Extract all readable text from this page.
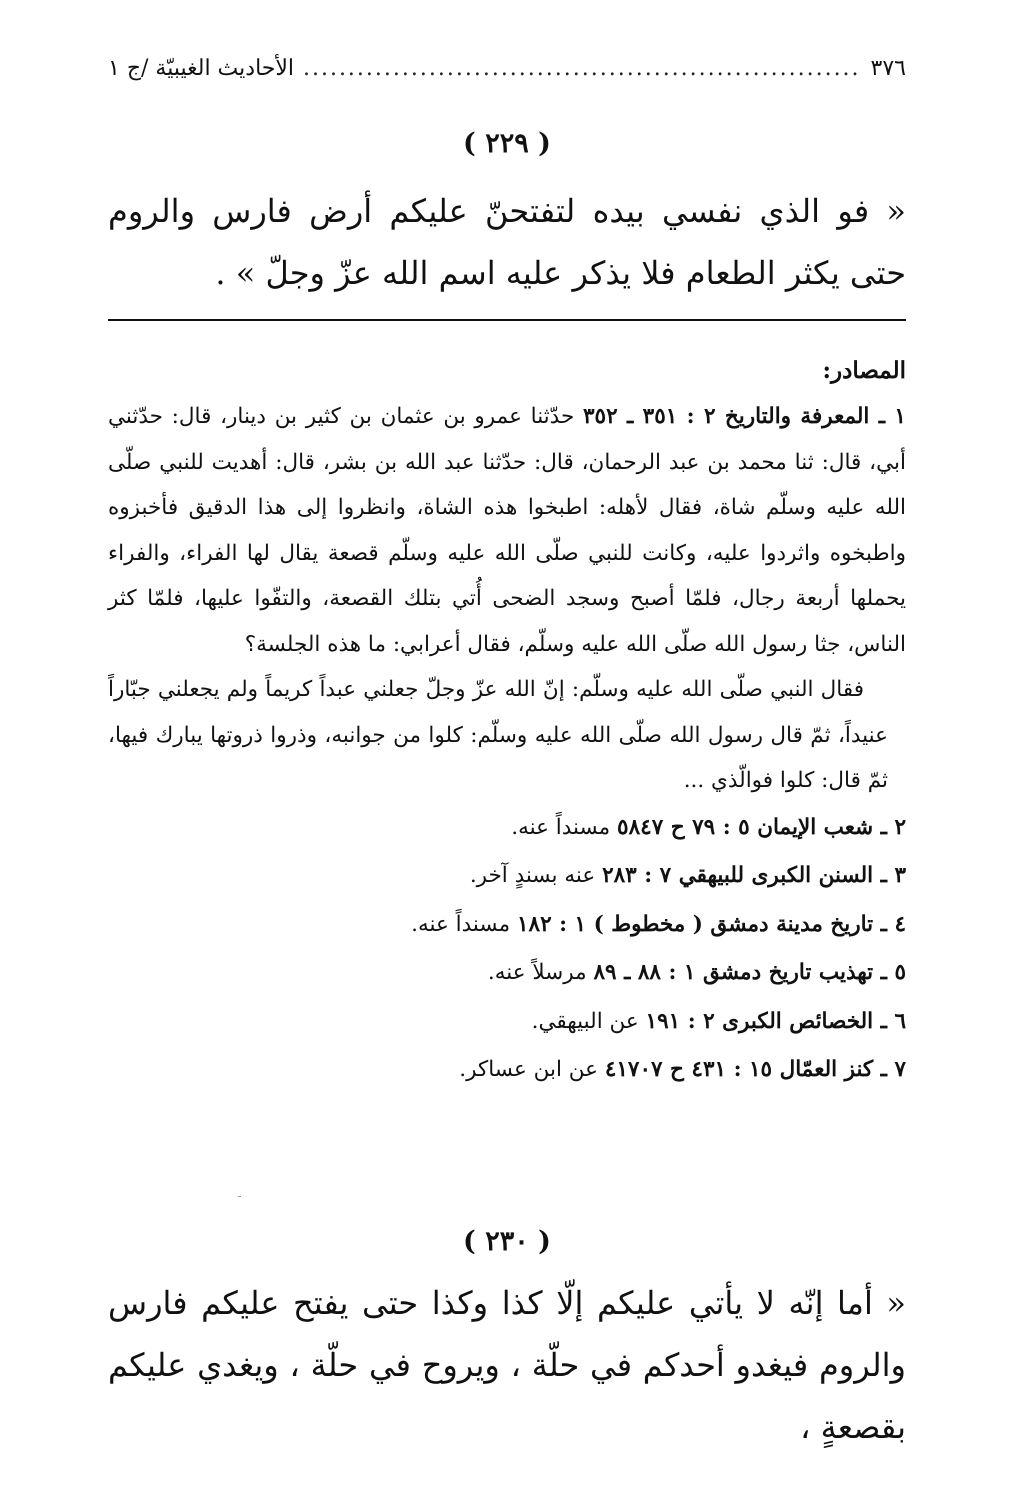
٣٧٦
.....
الأحاديث الغيبيّة /ج ١
( ٢٢٩ )
« فو الذي نفسي بيده لتفتحنّ عليكم أرض فارس والروم حتى يكثر الطعام فلا يذكر عليه اسم الله عزّ وجلّ » .
المصادر:
١ ـ المعرفة والتاريخ ٢ : ٣٥١ ـ ٣٥٢ حدّثنا عمرو بن عثمان بن كثير بن دينار، قال: حدّثني أبي، قال: ثنا محمد بن عبد الرحمان، قال: حدّثنا عبد الله بن بشر، قال: أهديت للنبي صلّى الله عليه وسلّم شاة، فقال لأهله: اطبخوا هذه الشاة، وانظروا إلى هذا الدقيق فأخبزوه واطبخوه واثردوا عليه، وكانت للنبي صلّى الله عليه وسلّم قصعة يقال لها الفراء، والفراء يحملها أربعة رجال، فلمّا أصبح وسجد الضحى أُتي بتلك القصعة، والتفّوا عليها، فلمّا كثر الناس، جثا رسول الله صلّى الله عليه وسلّم، فقال أعرابي: ما هذه الجلسة؟

فقال النبي صلّى الله عليه وسلّم: إنّ الله عزّ وجلّ جعلني عبداً كريماً ولم يجعلني جبّاراً عنيداً، ثمّ قال رسول الله صلّى الله عليه وسلّم: كلوا من جوانبه، وذروا ذروتها يبارك فيها، ثمّ قال: كلوا فوالّذي ...

٢ ـ شعب الإيمان ٥ : ٧٩ ح ٥٨٤٧ مسنداً عنه.
٣ ـ السنن الكبرى للبيهقي ٧ : ٢٨٣ عنه بسندٍ آخر.
٤ ـ تاريخ مدينة دمشق ( مخطوط ) ١ : ١٨٢ مسنداً عنه.
٥ ـ تهذيب تاريخ دمشق ١ : ٨٨ ـ ٨٩ مرسلاً عنه.
٦ ـ الخصائص الكبرى ٢ : ١٩١ عن البيهقي.
٧ ـ كنز العمّال ١٥ : ٤٣١ ح ٤١٧٠٧ عن ابن عساكر.
( ٢٣٠ )
« أما إنّه لا يأتي عليكم إلّا كذا وكذا حتى يفتح عليكم فارس والروم فيغدو أحدكم في حلّة ، ويروح في حلّة ، ويغدي عليكم بقصعةٍ ،
